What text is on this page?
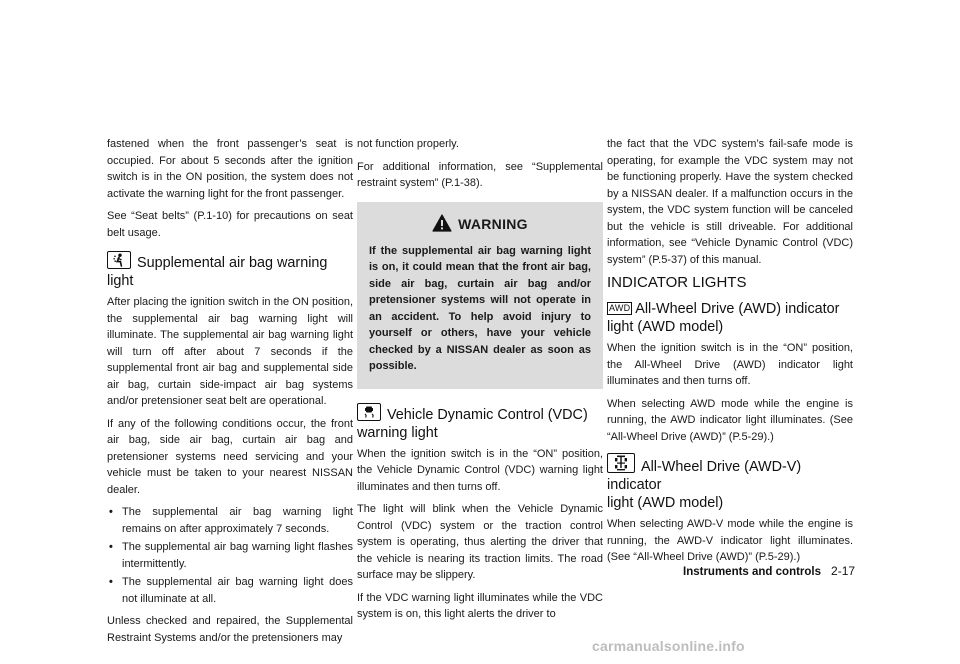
fastened when the front passenger’s seat is occupied. For about 5 seconds after the ignition switch is in the ON position, the system does not activate the warning light for the front passenger.

See “Seat belts” (P.1-10) for precautions on seat belt usage.

Supplemental air bag warning light

After placing the ignition switch in the ON position, the supplemental air bag warning light will illuminate. The supplemental air bag warning light will turn off after about 7 seconds if the supplemental front air bag and supplemental side air bag, curtain side-impact air bag systems and/or pretensioner seat belt are operational.

If any of the following conditions occur, the front air bag, side air bag, curtain air bag and pretensioner systems need servicing and your vehicle must be taken to your nearest NISSAN dealer.

• The supplemental air bag warning light remains on after approximately 7 seconds.
• The supplemental air bag warning light flashes intermittently.
• The supplemental air bag warning light does not illuminate at all.

Unless checked and repaired, the Supplemental Restraint Systems and/or the pretensioners may

not function properly.

For additional information, see “Supplemental restraint system” (P.1-38).

WARNING

If the supplemental air bag warning light is on, it could mean that the front air bag, side air bag, curtain air bag and/or pretensioner systems will not operate in an accident. To help avoid injury to yourself or others, have your vehicle checked by a NISSAN dealer as soon as possible.

Vehicle Dynamic Control (VDC)
warning light

When the ignition switch is in the “ON” position, the Vehicle Dynamic Control (VDC) warning light illuminates and then turns off.

The light will blink when the Vehicle Dynamic Control (VDC) system or the traction control system is operating, thus alerting the driver that the vehicle is nearing its traction limits. The road surface may be slippery.

If the VDC warning light illuminates while the VDC system is on, this light alerts the driver to

the fact that the VDC system’s fail-safe mode is operating, for example the VDC system may not be functioning properly. Have the system checked by a NISSAN dealer. If a malfunction occurs in the system, the VDC system function will be canceled but the vehicle is still driveable. For additional information, see “Vehicle Dynamic Control (VDC) system” (P.5-37) of this manual.

INDICATOR LIGHTS
AWD All-Wheel Drive (AWD) indicator
light (AWD model)

When the ignition switch is in the “ON” position, the All-Wheel Drive (AWD) indicator light illuminates and then turns off.

When selecting AWD mode while the engine is running, the AWD indicator light illuminates. (See “All-Wheel Drive (AWD)” (P.5-29).)

All-Wheel Drive (AWD-V) indicator
light (AWD model)

When selecting AWD-V mode while the engine is running, the AWD-V indicator light illuminates. (See “All-Wheel Drive (AWD)” (P.5-29).)

Instruments and controls 2-17
carmanualsonline.info
